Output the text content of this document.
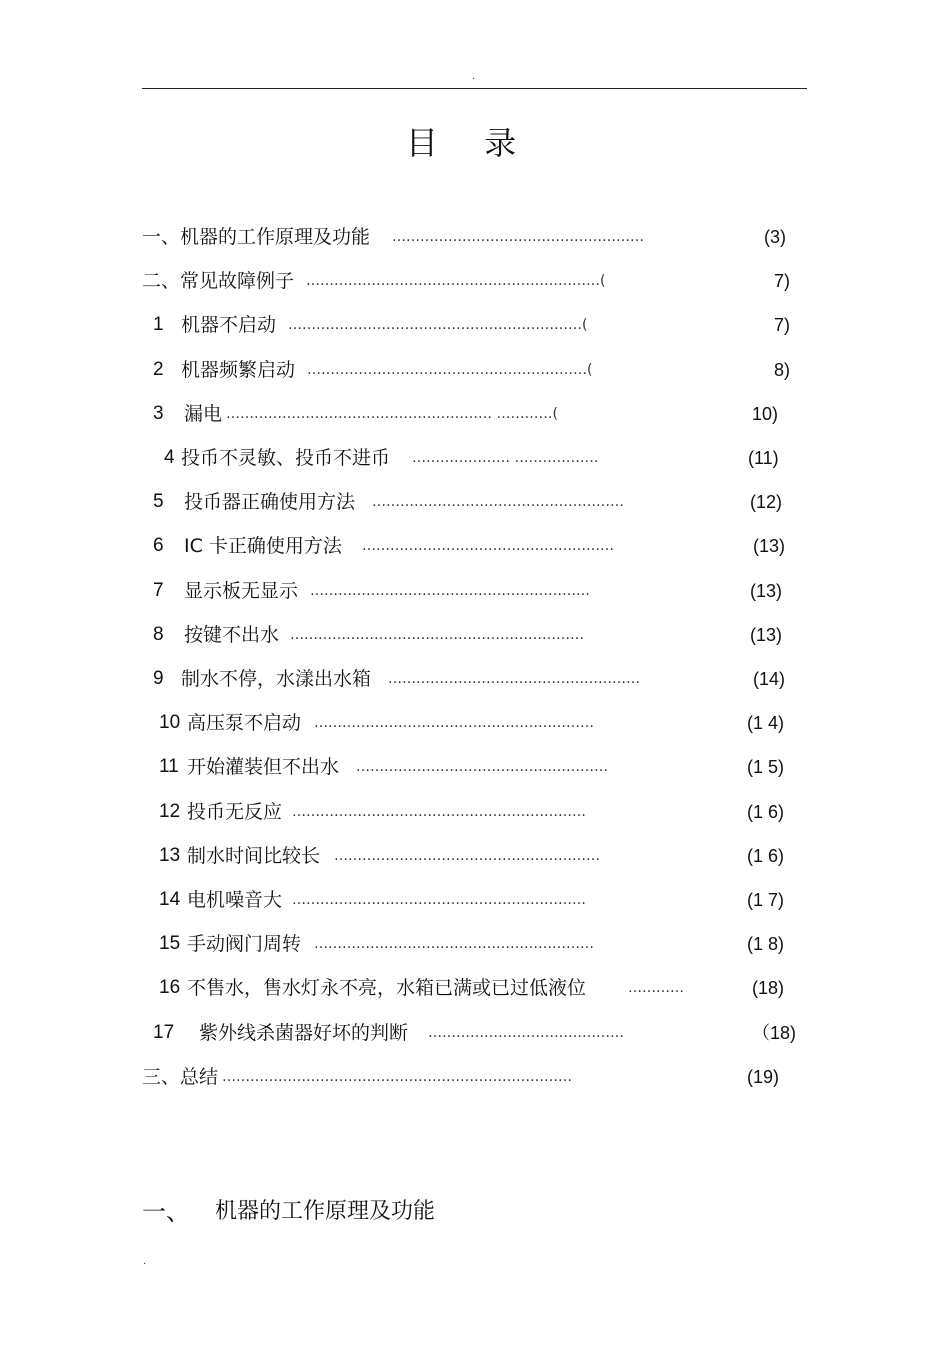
.
目 录
一、机器的工作原理及功能 ………………………………………………	(3)
二、常见故障例子 ………………………………………………………(	7)
1 机器不启动 ………………………………………………………(	7)
2 机器频繁启动 ……………………………………………………(	8)
3 漏电 ………………………………………………… …………(	10)
4 投币不灵敏、投币不进币 ………………… ………………	(11)
5 投币器正确使用方法 ………………………………………………	(12)
6 IC 卡正确使用方法 ………………………………………………	(13)
7 显示板无显示 ……………………………………………………	(13)
8 按键不出水 ………………………………………………………	(13)
9 制水不停，水漾出水箱 ………………………………………………	(14)
10 高压泵不启动 ……………………………………………………	(1 4)
11 开始灌装但不出水 ………………………………………………	(1 5)
12 投币无反应 ………………………………………………………	(1 6)
13 制水时间比较长 …………………………………………………	(1 6)
14 电机噪音大 ………………………………………………………	(1 7)
15 手动阀门周转 ……………………………………………………	(1 8)
16 不售水，售水灯永不亮，水箱已满或已过低液位	…………	(18)
17 紫外线杀菌器好坏的判断 ……………………………………	（18)
三、总结 …………………………………………………………………	(19)
一、 机器的工作原理及功能
.
